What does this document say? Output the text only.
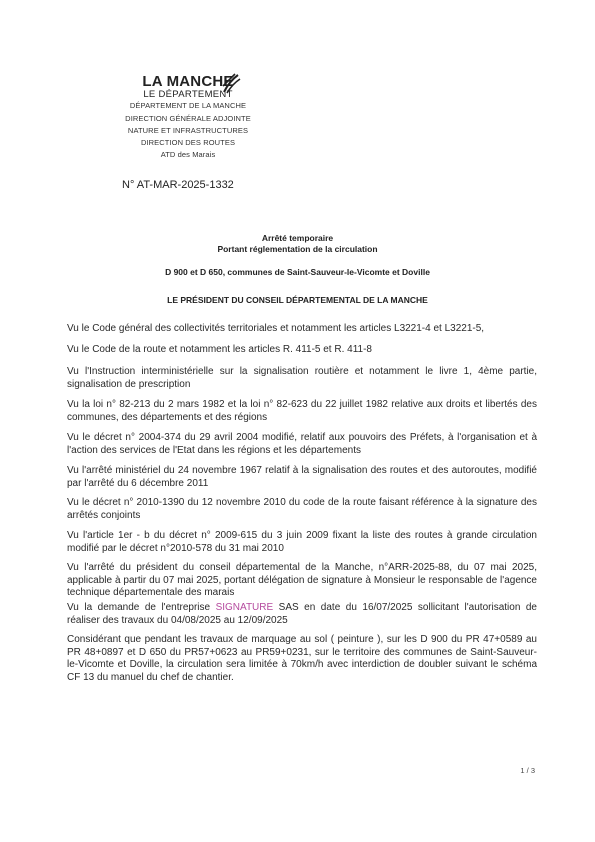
LA MANCHE
LE DÉPARTEMENT
DÉPARTEMENT DE LA MANCHE
DIRECTION GÉNÉRALE ADJOINTE
NATURE ET INFRASTRUCTURES
DIRECTION DES ROUTES
ATD des Marais
N° AT-MAR-2025-1332
Arrêté temporaire
Portant réglementation de la circulation
D 900 et D 650, communes de Saint-Sauveur-le-Vicomte et Doville
LE PRÉSIDENT DU CONSEIL DÉPARTEMENTAL DE LA MANCHE
Vu le Code général des collectivités territoriales et notamment les articles L3221-4 et L3221-5,
Vu le Code de la route et notamment les articles R. 411-5 et R. 411-8
Vu l'Instruction interministérielle sur la signalisation routière et notamment le livre 1, 4ème partie, signalisation de prescription
Vu la loi n° 82-213 du 2 mars 1982 et la loi n° 82-623 du 22 juillet 1982 relative aux droits et libertés des communes, des départements et des régions
Vu le décret n° 2004-374 du 29 avril 2004 modifié, relatif aux pouvoirs des Préfets, à l'organisation et à l'action des services de l'Etat dans les régions et les départements
Vu l'arrêté ministériel du 24 novembre 1967 relatif à la signalisation des routes et des autoroutes, modifié par l'arrêté du 6 décembre 2011
Vu le décret n° 2010-1390 du 12 novembre 2010 du code de la route faisant référence à la signature des arrêtés conjoints
Vu l'article 1er - b du décret n° 2009-615 du 3 juin 2009 fixant la liste des routes à grande circulation modifié par le décret n°2010-578 du 31 mai 2010
Vu l'arrêté du président du conseil départemental de la Manche, n°ARR-2025-88, du 07 mai 2025, applicable à partir du 07 mai 2025, portant délégation de signature à Monsieur le responsable de l'agence technique départementale des marais
Vu la demande de l'entreprise SIGNATURE SAS en date du 16/07/2025 sollicitant l'autorisation de réaliser des travaux du 04/08/2025 au 12/09/2025
Considérant que pendant les travaux de marquage au sol ( peinture ), sur les D 900 du PR 47+0589 au PR 48+0897 et D 650 du PR57+0623 au PR59+0231, sur le territoire des communes de Saint-Sauveur-le-Vicomte et Doville, la circulation sera limitée à 70km/h avec interdiction de doubler suivant le schéma CF 13 du manuel du chef de chantier.
1 / 3
